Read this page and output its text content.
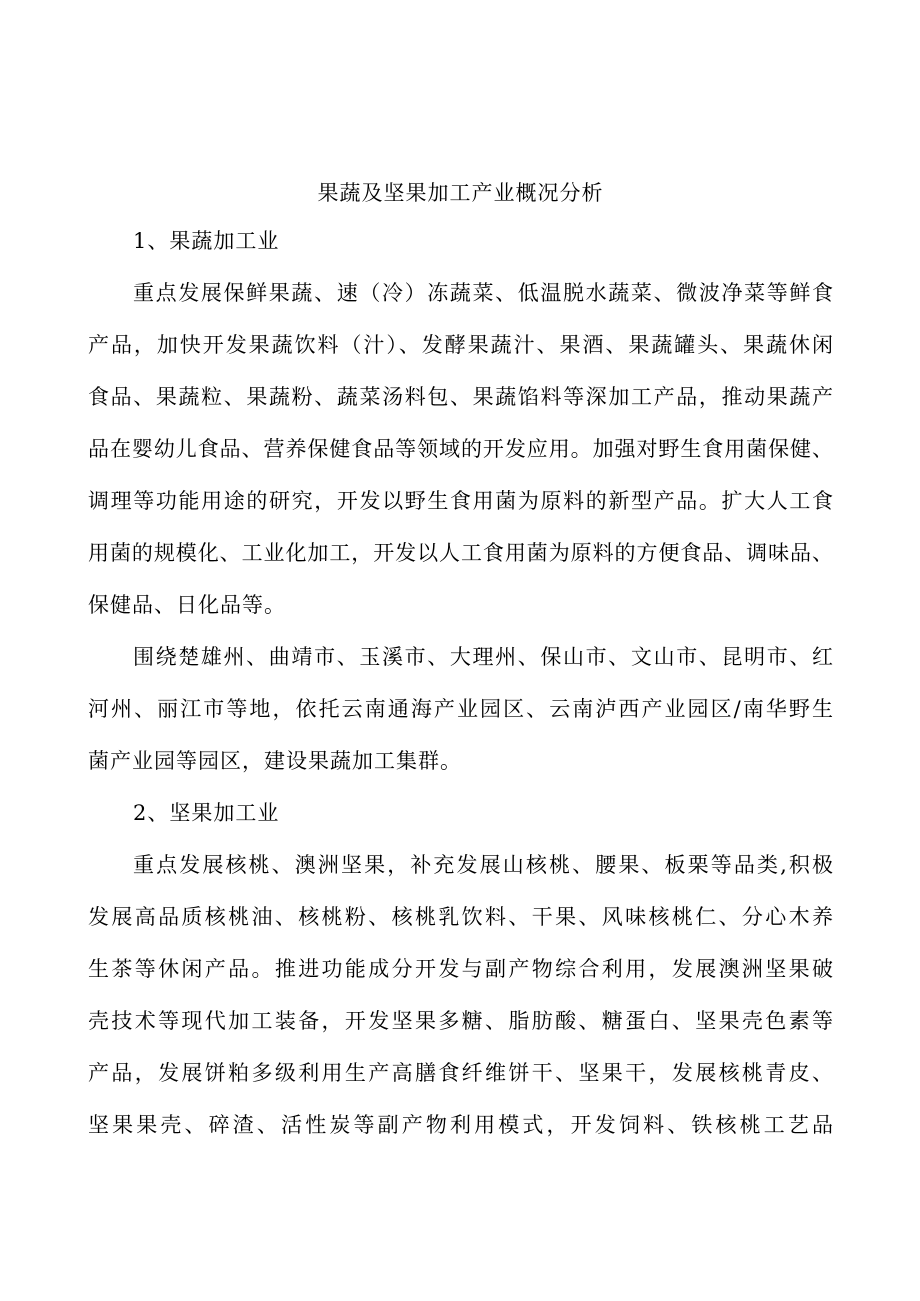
果蔬及坚果加工产业概况分析
1、果蔬加工业
重点发展保鲜果蔬、速（冷）冻蔬菜、低温脱水蔬菜、微波净菜等鲜食
产品，加快开发果蔬饮料（汁）、发酵果蔬汁、果酒、果蔬罐头、果蔬休闲
食品、果蔬粒、果蔬粉、蔬菜汤料包、果蔬馅料等深加工产品，推动果蔬产
品在婴幼儿食品、营养保健食品等领域的开发应用。加强对野生食用菌保健、
调理等功能用途的研究，开发以野生食用菌为原料的新型产品。扩大人工食
用菌的规模化、工业化加工，开发以人工食用菌为原料的方便食品、调味品、
保健品、日化品等。
围绕楚雄州、曲靖市、玉溪市、大理州、保山市、文山市、昆明市、红
河州、丽江市等地，依托云南通海产业园区、云南泸西产业园区/南华野生
菌产业园等园区，建设果蔬加工集群。
2、坚果加工业
重点发展核桃、澳洲坚果，补充发展山核桃、腰果、板栗等品类,积极
发展高品质核桃油、核桃粉、核桃乳饮料、干果、风味核桃仁、分心木养
生茶等休闲产品。推进功能成分开发与副产物综合利用，发展澳洲坚果破
壳技术等现代加工装备，开发坚果多糖、脂肪酸、糖蛋白、坚果壳色素等
产品，发展饼粕多级利用生产高膳食纤维饼干、坚果干，发展核桃青皮、
坚果果壳、碎渣、活性炭等副产物利用模式，开发饲料、铁核桃工艺品
